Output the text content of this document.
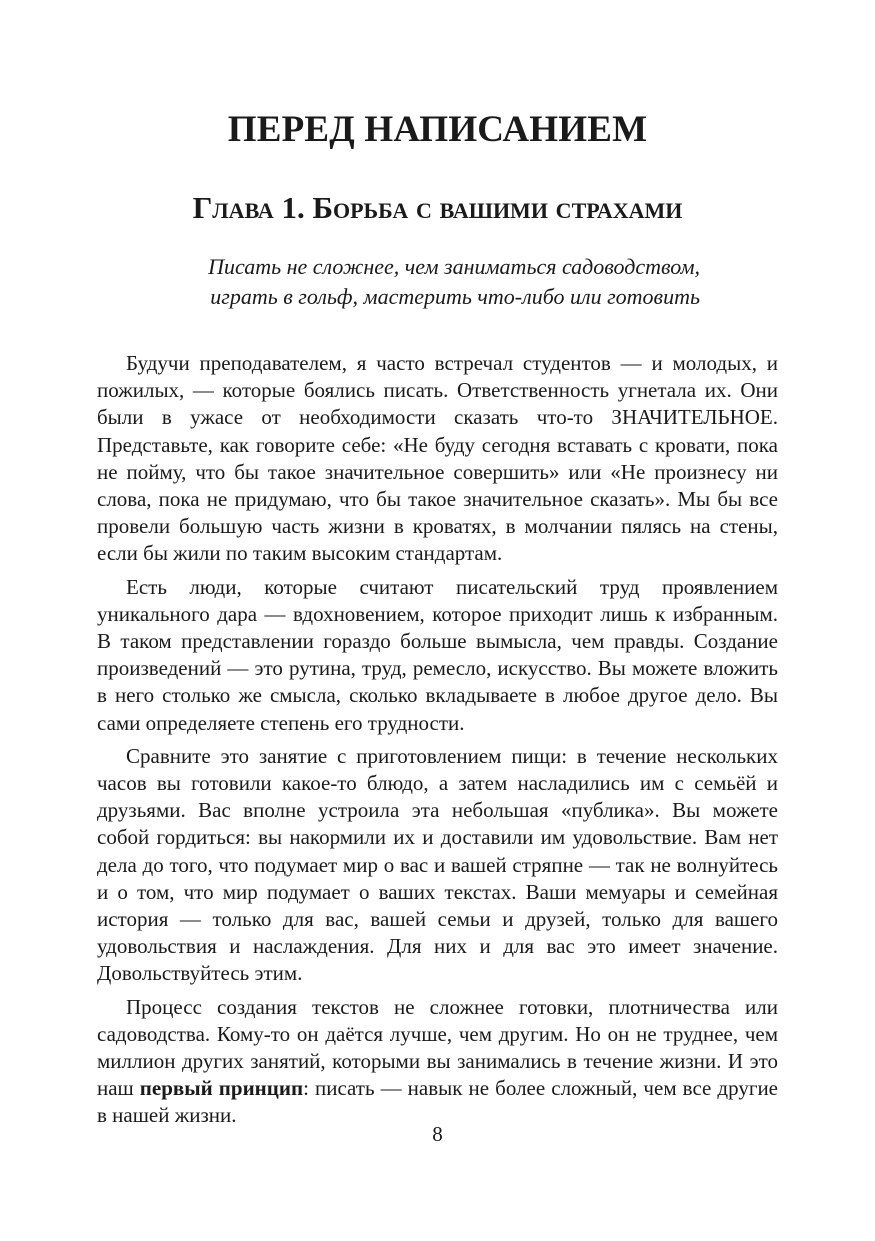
ПЕРЕД НАПИСАНИЕМ
Глава 1. Борьба с вашими страхами
Писать не сложнее, чем заниматься садоводством,
играть в гольф, мастерить что-либо или готовить

Будучи преподавателем, я часто встречал студентов — и молодых, и пожилых, — которые боялись писать. Ответственность угнетала их. Они были в ужасе от необходимости сказать что-то ЗНАЧИТЕЛЬНОЕ. Представьте, как говорите себе: «Не буду сегодня вставать с кровати, пока не пойму, что бы такое значительное совершить» или «Не произнесу ни слова, пока не придумаю, что бы такое значительное сказать». Мы бы все провели большую часть жизни в кроватях, в молчании пялясь на стены, если бы жили по таким высоким стандартам.

Есть люди, которые считают писательский труд проявлением уникального дара — вдохновением, которое приходит лишь к избранным. В таком представлении гораздо больше вымысла, чем правды. Создание произведений — это рутина, труд, ремесло, искусство. Вы можете вложить в него столько же смысла, сколько вкладываете в любое другое дело. Вы сами определяете степень его трудности.

Сравните это занятие с приготовлением пищи: в течение нескольких часов вы готовили какое-то блюдо, а затем насладились им с семьёй и друзьями. Вас вполне устроила эта небольшая «публика». Вы можете собой гордиться: вы накормили их и доставили им удовольствие. Вам нет дела до того, что подумает мир о вас и вашей стряпне — так не волнуйтесь и о том, что мир подумает о ваших текстах. Ваши мемуары и семейная история — только для вас, вашей семьи и друзей, только для вашего удовольствия и наслаждения. Для них и для вас это имеет значение. Довольствуйтесь этим.

Процесс создания текстов не сложнее готовки, плотничества или садоводства. Кому-то он даётся лучше, чем другим. Но он не труднее, чем миллион других занятий, которыми вы занимались в течение жизни. И это наш первый принцип: писать — навык не более сложный, чем все другие в нашей жизни.

8
